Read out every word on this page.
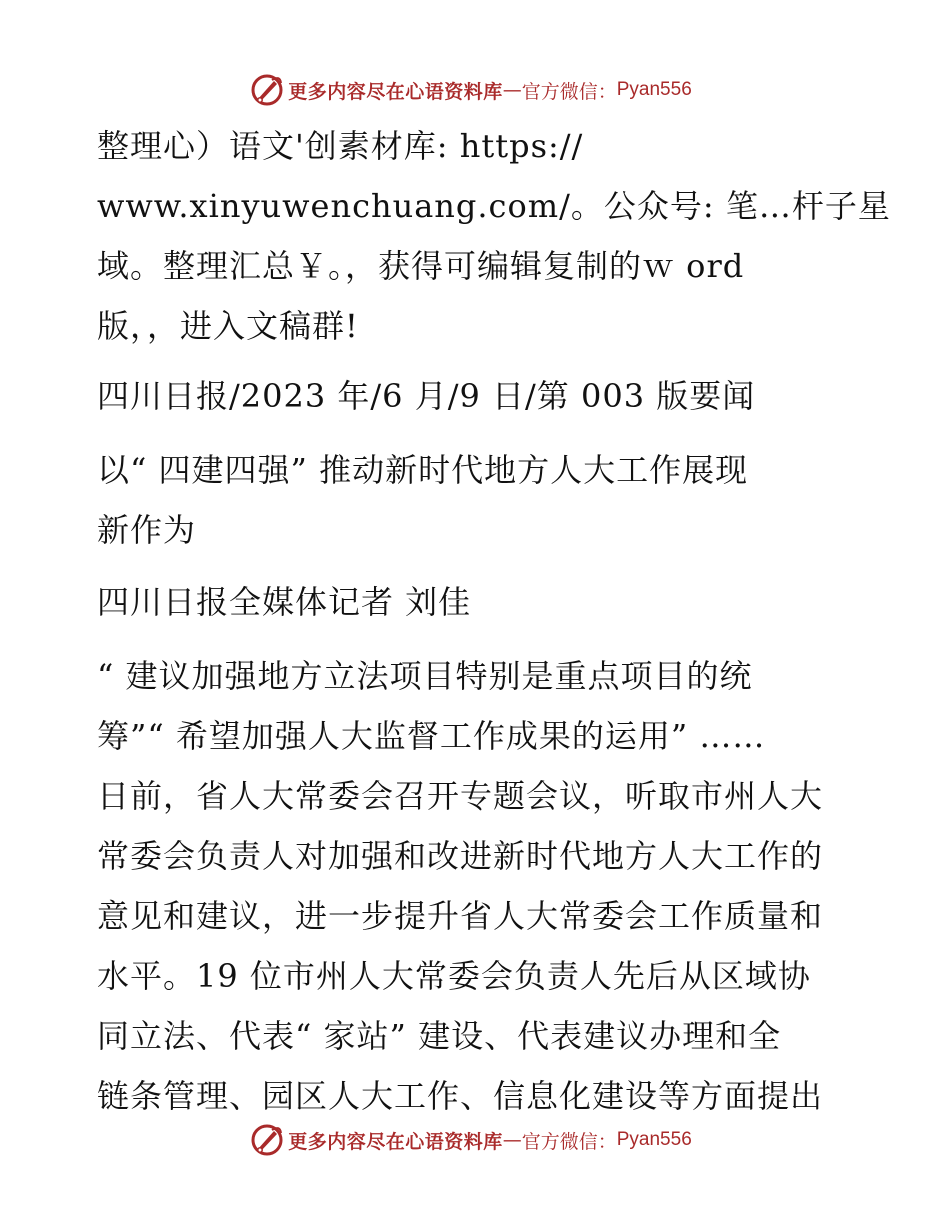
更多内容尽在心语资料库 — 官方微信： Pyan556
整理心）语文'创素材库: https://
www.xinyuwenchuang.com/。公众号: 笔…杆子星
域。整理汇总￥。，获得可编辑复制的ｗ ord
版，，进入文稿群!
四川日报/2023 年/6 月/9 日/第 003 版要闻
以“ 四建四强” 推动新时代地方人大工作展现
新作为
四川日报全媒体记者 刘佳
“ 建议加强地方立法项目特别是重点项目的统
筹”“ 希望加强人大监督工作成果的运用” ……
日前，省人大常委会召开专题会议，听取市州人大
常委会负责人对加强和改进新时代地方人大工作的
意见和建议，进一步提升省人大常委会工作质量和
水平。19 位市州人大常委会负责人先后从区域协
同立法、代表“ 家站” 建设、代表建议办理和全
链条管理、园区人大工作、信息化建设等方面提出
更多内容尽在心语资料库 — 官方微信： Pyan556
